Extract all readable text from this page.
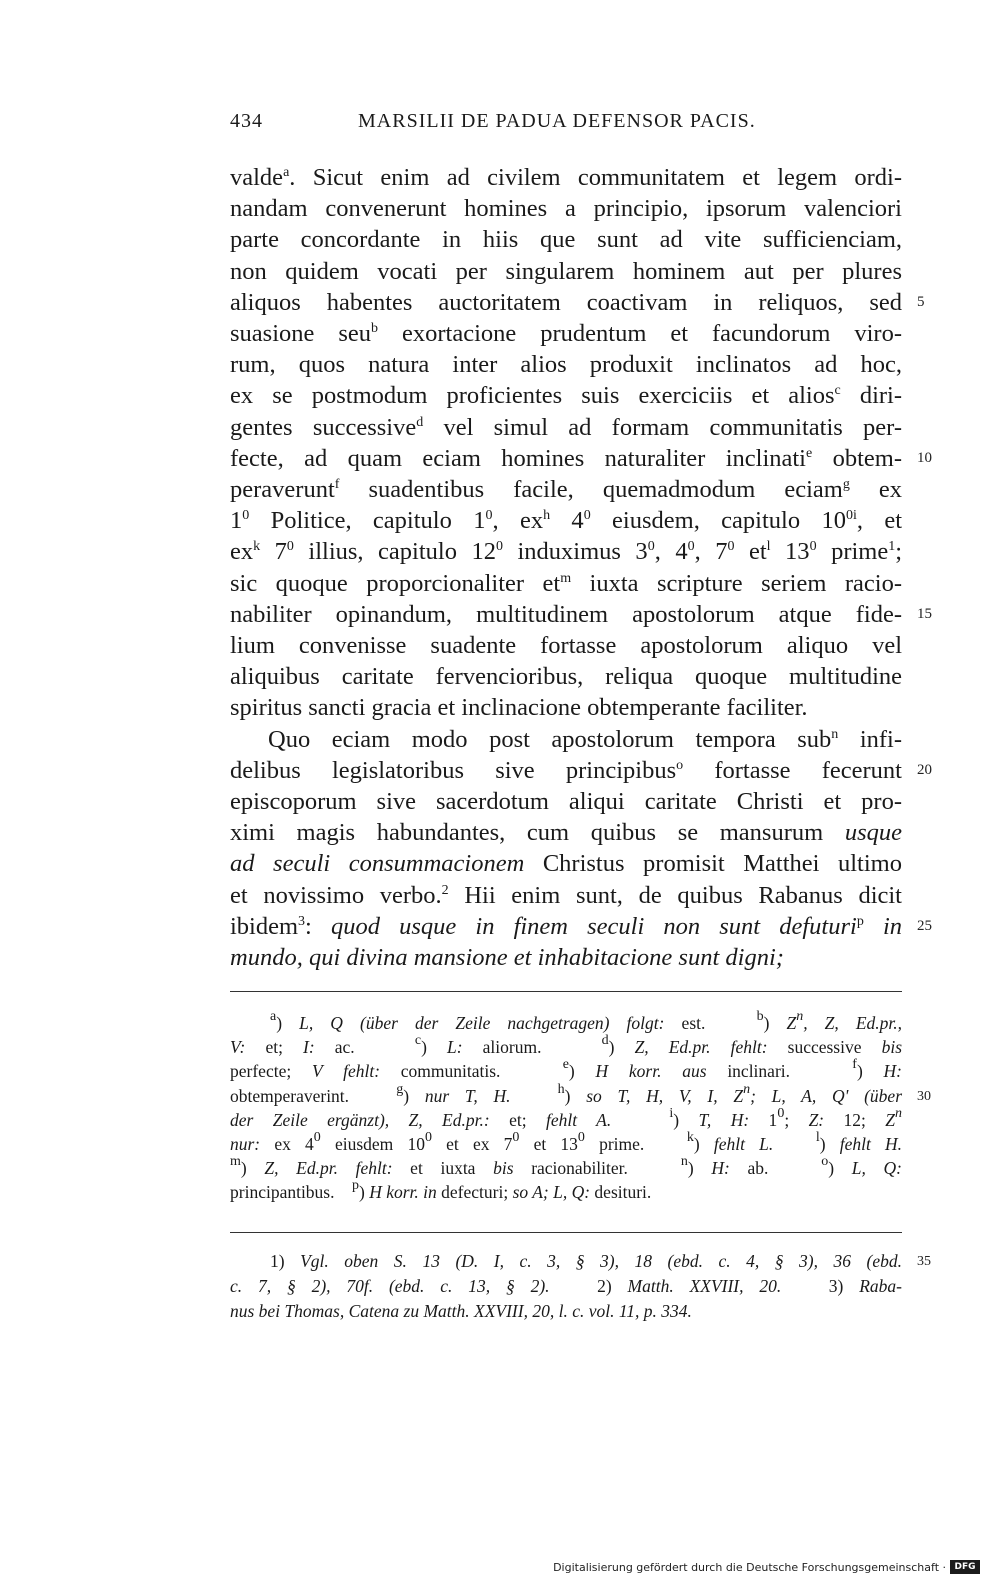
434	MARSILII DE PADUA DEFENSOR PACIS.
valde$^a$. Sicut enim ad civilem communitatem et legem ordi-
nandam convenerunt homines a principio, ipsorum valenciori
parte concordante in hiis que sunt ad vite sufficienciam,
non quidem vocati per singularem hominem aut per plures
aliquos habentes auctoritatem coactivam in reliquos, sed
suasione seu$^b$ exortacione prudentum et facundorum viro-
rum, quos natura inter alios produxit inclinatos ad hoc,
ex se postmodum proficientes suis exerciciis et alios$^c$ diri-
gentes successive$^d$ vel simul ad formam communitatis per-
fecte, ad quam eciam homines naturaliter inclinati$^e$ obtem-
peraverunt$^f$ suadentibus facile, quemadmodum eciam$^g$ ex
$1^0$ Politice, capitulo $1^0$, $ex^h$ $4^0$ eiusdem, capitulo $10^{0i}$, et
$ex^k$ $7^0$ illius, capitulo $12^0$ induximus $3^0$, $4^0$, $7^0$ $et^l$ $13^0$ prime$^1$;
sic quoque proporcionaliter $et^m$ iuxta scripture seriem racio-
nabiliter opinandum, multitudinem apostolorum atque fide-
lium convenisse suadente fortasse apostolorum aliquo vel
aliquibus caritate fervencioribus, reliqua quoque multitudine
spiritus sancti gracia et inclinacione obtemperante faciliter.
Quo eciam modo post apostolorum tempora sub$^n$ infi-
delibus legislatoribus sive principibus$^o$ fortasse fecerunt
episcoporum sive sacerdotum aliqui caritate Christi et pro-
ximi magis habundantes, cum quibus se mansurum usque
ad seculi consummacionem Christus promisit Matthei ultimo
et novissimo verbo.$^2$ Hii enim sunt, de quibus Rabanus dicit
ibidem$^3$: quod usque in finem seculi non sunt defuturi$^p$ in
mundo, qui divina mansione et inhabitacione sunt digni;
5
10
15
20
25
$^a$) L, Q (über der Zeile nachgetragen) folgt: est.   $^b$) $Z^n$, Z, Ed.pr.,
V: et; I: ac.   $^c$) L: aliorum.   $^d$) Z, Ed.pr. fehlt: successive bis
perfecte; V fehlt: communitatis.   $^e$) H korr. aus inclinari.   $^f$) H:
obtemperaverint.   $^g$) nur T, H.	$^h$) so T, H, V, I, $Z^n$; L, A, Q' (über
der Zeile ergänzt), Z, Ed.pr.: et; fehlt A.	$^i$) T, H: $1^0$; Z: 12; $Z^n$
nur: ex $4^0$ eiusdem $10^0$ et ex $7^0$ et $13^0$ prime.   $^k$) fehlt L.	$^l$) fehlt H.
$^m$) Z, Ed.pr. fehlt: et iuxta bis racionabiliter.   $^n$) H: ab.   $^o$) L, Q:
principantibus.    $^p$) H korr. in defecturi; so A; L, Q: desituri.
30
1) Vgl. oben S. 13 (D. I, c. 3, § 3), 18 (ebd. c. 4, § 3), 36 (ebd.
c. 7, § 2), 70f. (ebd. c. 13, § 2).   2) Matth. XXVIII, 20.   3) Raba-
nus bei Thomas, Catena zu Matth. XXVIII, 20, l. c. vol. 11, p. 334.
35
Digitalisierung gefördert durch die Deutsche Forschungsgemeinschaft · DFG
